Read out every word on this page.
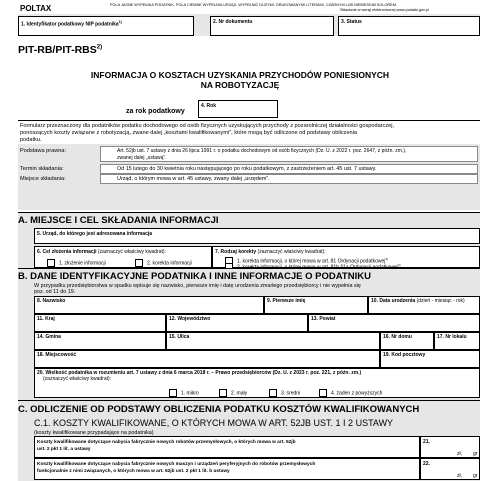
POLTAX	POLA JASNE WYPEŁNIA PODATNIK, POLA CIEMNE WYPEŁNIA URZĄD. WYPEŁNIĆ DUŻYMI, DRUKOWANYMI LITERAMI, CZARNYM LUB NIEBIESKIM KOLOREM.
Składanie w wersji elektronicznej www.podatki.gov.pl
1. Identyfikator podatkowy NIP podatnika$^{1)}$	2. Nr dokumentu	3. Status
PIT-RB/PIT-RBS$^{2)}$
INFORMACJA O KOSZTACH UZYSKANIA PRZYCHODÓW PONIESIONYCH
NA ROBOTYZACJĘ
za rok podatkowy
4. Rok
Formularz przeznaczony dla podatników podatku dochodowego od osób fizycznych uzyskujących przychody z pozarolniczej działalności gospodarczej,
ponoszących koszty związane z robotyzacją, zwane dalej „kosztami kwalifikowanymi”, które mogą być odliczone od podstawy obliczenia
podatku.
Podstawa prawna:	Art. 52jb ust. 7 ustawy z dnia 26 lipca 1991 r. o podatku dochodowym od osób fizycznych (Dz. U. z 2022 r. poz. 2647, z późn. zm.),
zwanej dalej „ustawą”.
Termin składania:	Od 15 lutego do 30 kwietnia roku następującego po roku podatkowym, z zastrzeżeniem art. 45 ust. 7 ustawy.
Miejsce składania:	Urząd, o którym mowa w art. 45 ustawy, zwany dalej „urzędem”.
A. MIEJSCE I CEL SKŁADANIA INFORMACJI
5. Urząd, do którego jest adresowana informacja
6. Cel złożenia informacji (zaznaczyć właściwy kwadrat):
1. złożenie informacji	2. korekta informacji
7. Rodzaj korekty (zaznaczyć właściwy kwadrat):
1. korekta informacji, o której mowa w art. 81 Ordynacji podatkowej$^{3)}$
$^{4)}$
B. DANE IDENTYFIKACYJNE PODATNIKA I INNE INFORMACJE O PODATNIKU
W przypadku przedsiębiorstwa w spadku wpisuje się nazwisko, pierwsze imię i datę urodzenia zmarłego przedsiębiorcy i nie wypełnia się
poz. od 11 do 19.
8. Nazwisko	9. Pierwsze imię	10. Data urodzenia (dzień - miesiąc - rok)
11. Kraj	12. Województwo	13. Powiat
14. Gmina	15. Ulica	16. Nr domu	17. Nr lokalu
18. Miejscowość	19. Kod pocztowy
20. Wielkość podatnika w rozumieniu art. 7 ustawy z dnia 6 marca 2018 r. – Prawo przedsiębiorców (Dz. U. z 2023 r. poz. 221, z późn. zm.)
(zaznaczyć właściwy kwadrat):
1. mikro	2. mały	3. średni	4. żaden z powyższych
C. ODLICZENIE OD PODSTAWY OBLICZENIA PODATKU KOSZTÓW KWALIFIKOWANYCH
C.1. KOSZTY KWALIFIKOWANE, O KTÓRYCH MOWA W ART. 52JB UST. 1 I 2 USTAWY
(koszty kwalifikowane przypadające na podatnika)
Koszty kwalifikowane dotyczące nabycia fabrycznie nowych robotów przemysłowych, o których mowa w art. 52jb
ust. 2 pkt 1 lit. a ustawy
21.
zł, gr
Koszty kwalifikowane dotyczące nabycia fabrycznie nowych maszyn i urządzeń peryferyjnych do robotów przemysłowych
funkcjonalnie z nimi związanych, o których mowa w art. 52jb ust. 2 pkt 1 lit. b ustawy
22.
zł, gr
